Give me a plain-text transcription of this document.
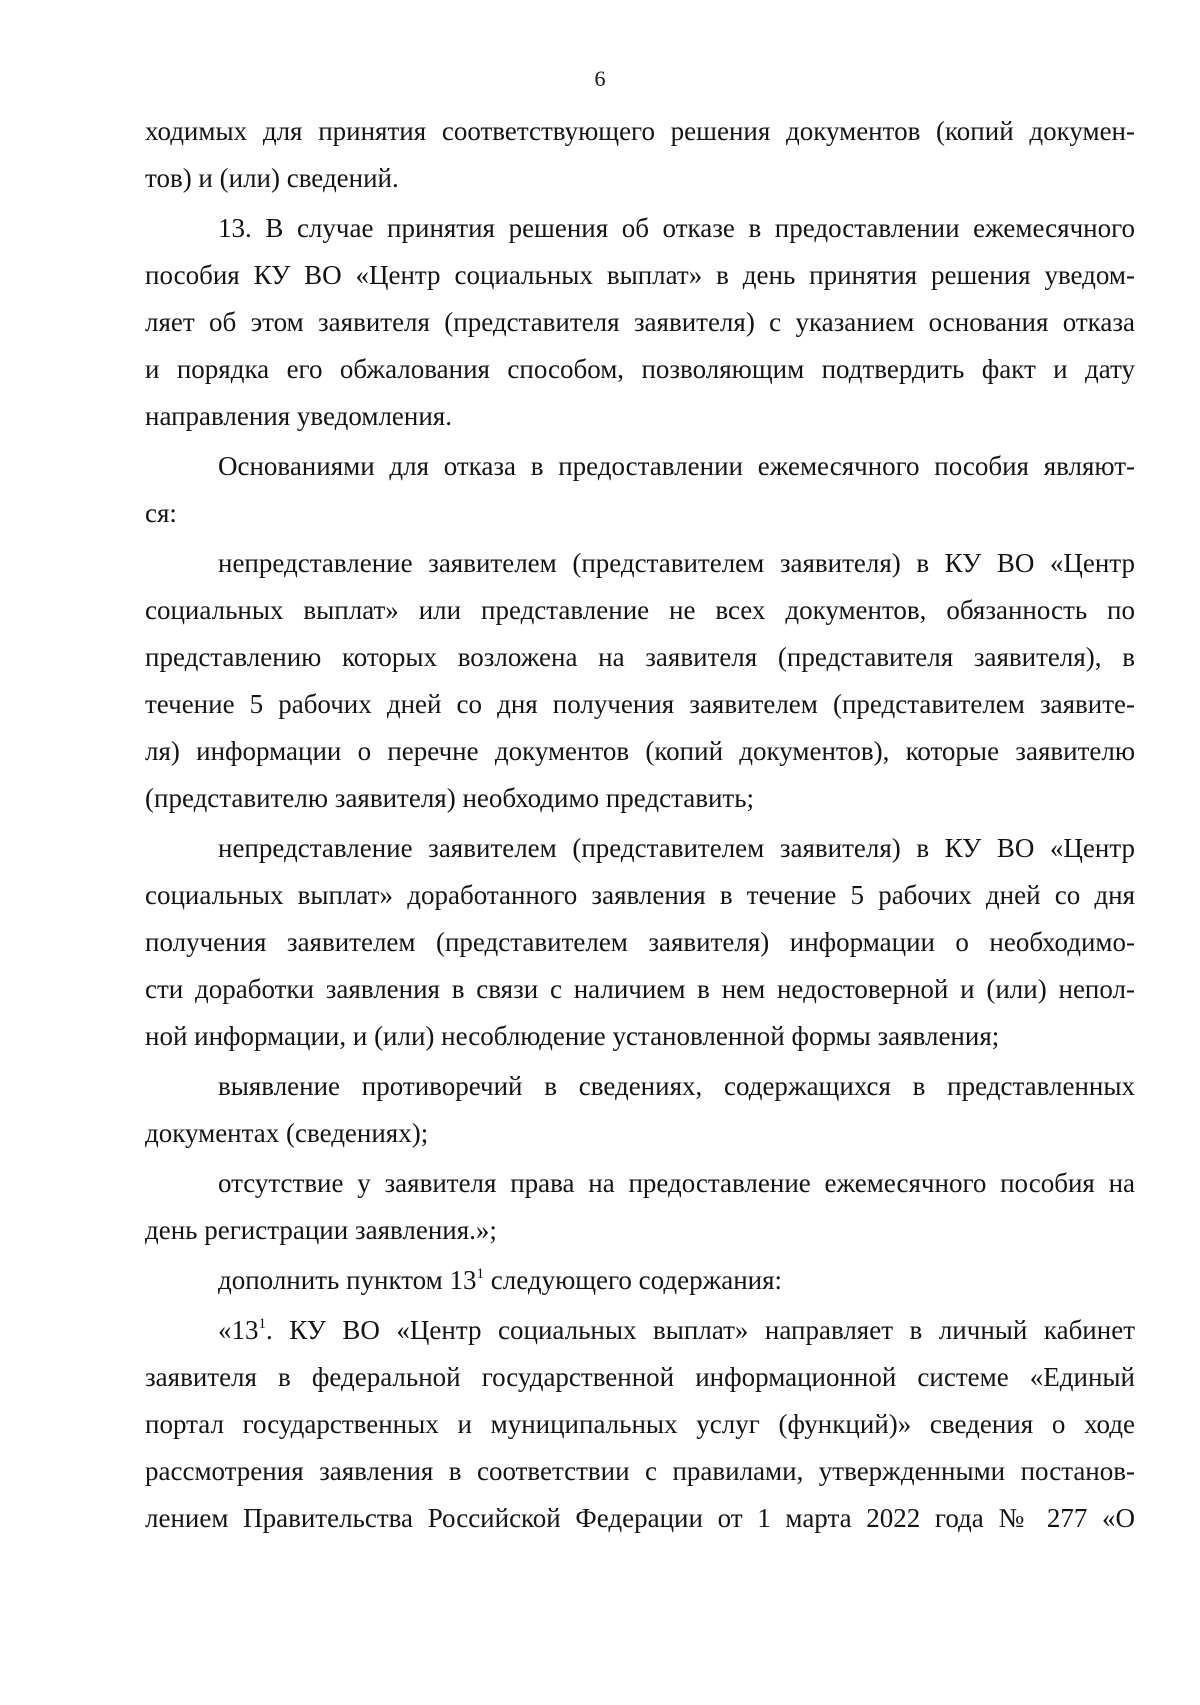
6
ходимых для принятия соответствующего решения документов (копий докумен-
тов) и (или) сведений.
13. В случае принятия решения об отказе в предоставлении ежемесячного
пособия КУ ВО «Центр социальных выплат» в день принятия решения уведом-
ляет об этом заявителя (представителя заявителя) с указанием основания отказа
и порядка его обжалования способом, позволяющим подтвердить факт и дату
направления уведомления.
Основаниями для отказа в предоставлении ежемесячного пособия являют-
ся:
непредставление заявителем (представителем заявителя) в КУ ВО «Центр
социальных выплат» или представление не всех документов, обязанность по
представлению которых возложена на заявителя (представителя заявителя), в
течение 5 рабочих дней со дня получения заявителем (представителем заявите-
ля) информации о перечне документов (копий документов), которые заявителю
(представителю заявителя) необходимо представить;
непредставление заявителем (представителем заявителя) в КУ ВО «Центр
социальных выплат» доработанного заявления в течение 5 рабочих дней со дня
получения заявителем (представителем заявителя) информации о необходимо-
сти доработки заявления в связи с наличием в нем недостоверной и (или) непол-
ной информации, и (или) несоблюдение установленной формы заявления;
выявление противоречий в сведениях, содержащихся в представленных
документах (сведениях);
отсутствие у заявителя права на предоставление ежемесячного пособия на
день регистрации заявления.»;
дополнить пунктом $13^1$ следующего содержания:
«$13^1$. КУ ВО «Центр социальных выплат» направляет в личный кабинет
заявителя в федеральной государственной информационной системе «Единый
портал государственных и муниципальных услуг (функций)» сведения о ходе
рассмотрения заявления в соответствии с правилами, утвержденными постанов-
лением Правительства Российской Федерации от 1 марта 2022 года № 277 «О
